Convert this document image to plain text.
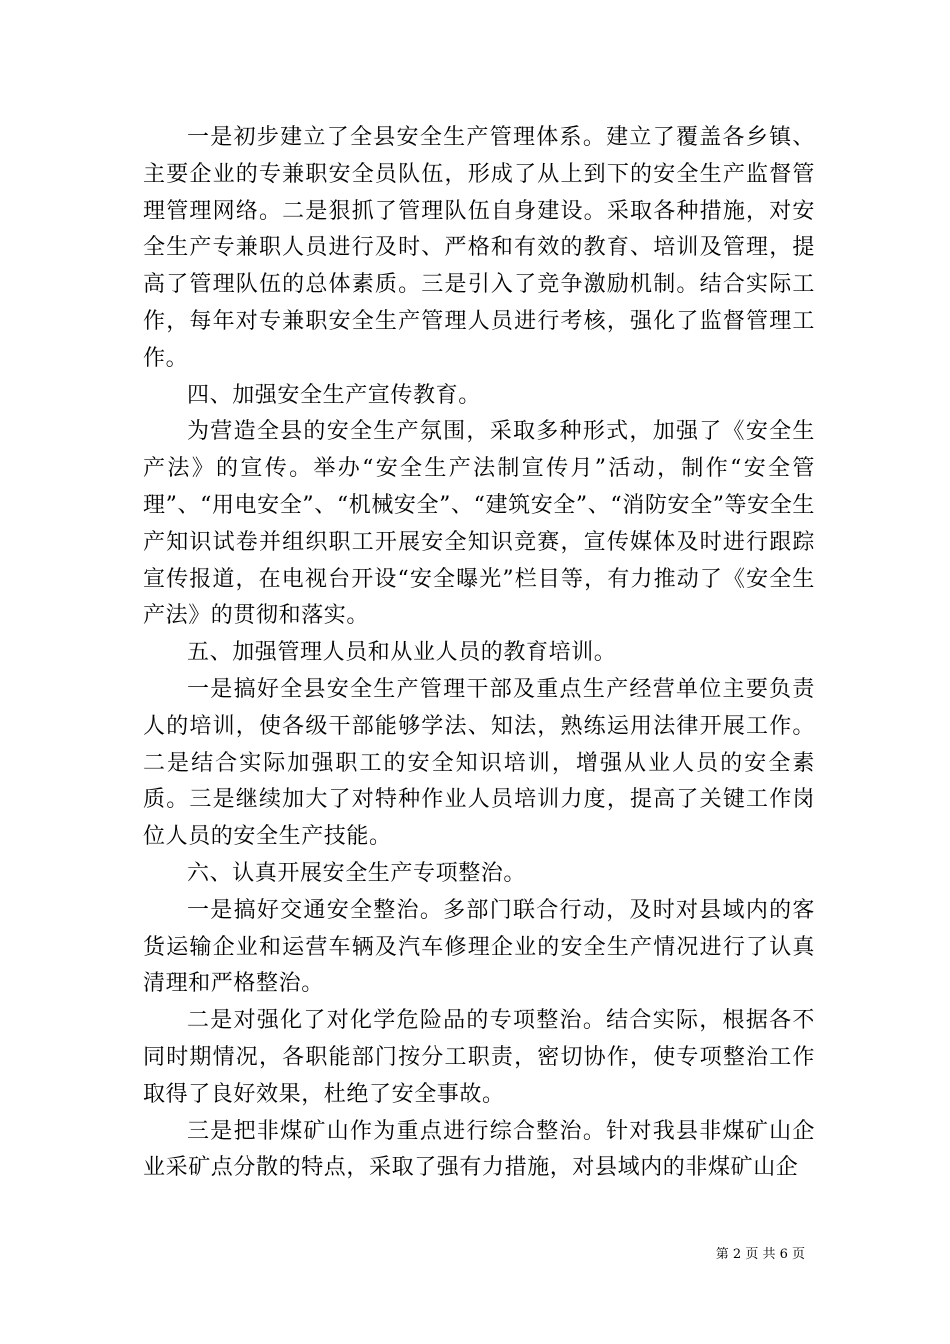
一是初步建立了全县安全生产管理体系。建立了覆盖各乡镇、主要企业的专兼职安全员队伍，形成了从上到下的安全生产监督管理管理网络。二是狠抓了管理队伍自身建设。采取各种措施，对安全生产专兼职人员进行及时、严格和有效的教育、培训及管理，提高了管理队伍的总体素质。三是引入了竞争激励机制。结合实际工作，每年对专兼职安全生产管理人员进行考核，强化了监督管理工作。

四、加强安全生产宣传教育。

为营造全县的安全生产氛围，采取多种形式，加强了《安全生产法》的宣传。举办“安全生产法制宣传月”活动，制作“安全管理”、“用电安全”、“机械安全”、“建筑安全”、“消防安全”等安全生产知识试卷并组织职工开展安全知识竞赛，宣传媒体及时进行跟踪宣传报道，在电视台开设“安全曝光”栏目等，有力推动了《安全生产法》的贯彻和落实。

五、加强管理人员和从业人员的教育培训。

一是搞好全县安全生产管理干部及重点生产经营单位主要负责人的培训，使各级干部能够学法、知法，熟练运用法律开展工作。二是结合实际加强职工的安全知识培训，增强从业人员的安全素质。三是继续加大了对特种作业人员培训力度，提高了关键工作岗位人员的安全生产技能。

六、认真开展安全生产专项整治。

一是搞好交通安全整治。多部门联合行动，及时对县域内的客货运输企业和运营车辆及汽车修理企业的安全生产情况进行了认真清理和严格整治。

二是对强化了对化学危险品的专项整治。结合实际，根据各不同时期情况，各职能部门按分工职责，密切协作，使专项整治工作取得了良好效果，杜绝了安全事故。

三是把非煤矿山作为重点进行综合整治。针对我县非煤矿山企业采矿点分散的特点，采取了强有力措施，对县域内的非煤矿山企

第 2 页 共 6 页
